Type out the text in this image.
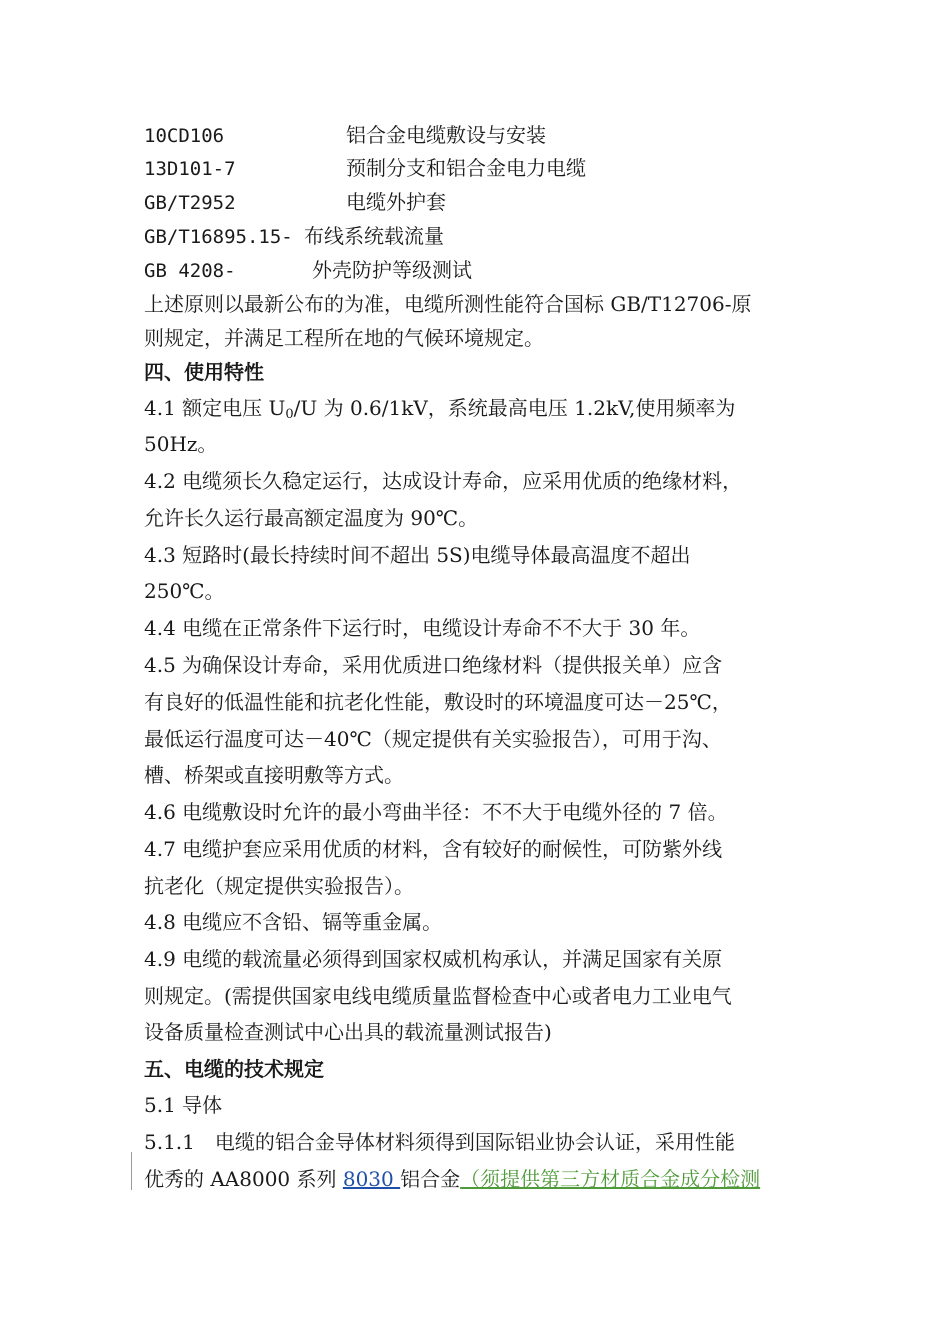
10CD106	铝合金电缆敷设与安装
13D101-7	预制分支和铝合金电力电缆
GB/T2952	电缆外护套
GB/T16895.15- 布线系统载流量
GB 4208-	外壳防护等级测试
上述原则以最新公布的为准，电缆所测性能符合国标 GB/T12706-原
则规定，并满足工程所在地的气候环境规定。
四、使用特性
4.1 额定电压 $U_0/U$ 为 0.6/1kV，系统最高电压 1.2kV,使用频率为
50Hz。
4.2 电缆须长久稳定运行，达成设计寿命，应采用优质的绝缘材料，
允许长久运行最高额定温度为 90℃。
4.3 短路时(最长持续时间不超出 5S)电缆导体最高温度不超出
250℃。
4.4 电缆在正常条件下运行时，电缆设计寿命不不大于 30 年。
4.5 为确保设计寿命，采用优质进口绝缘材料（提供报关单）应含
有良好的低温性能和抗老化性能，敷设时的环境温度可达－25℃，
最低运行温度可达－40℃（规定提供有关实验报告），可用于沟、
槽、桥架或直接明敷等方式。
4.6 电缆敷设时允许的最小弯曲半径：不不大于电缆外径的 7 倍。
4.7 电缆护套应采用优质的材料，含有较好的耐候性，可防紫外线
抗老化（规定提供实验报告）。
4.8 电缆应不含铅、镉等重金属。
4.9 电缆的载流量必须得到国家权威机构承认，并满足国家有关原
则规定。(需提供国家电线电缆质量监督检查中心或者电力工业电气
设备质量检查测试中心出具的载流量测试报告)
五、电缆的技术规定
5.1 导体
5.1.1　电缆的铝合金导体材料须得到国际铝业协会认证，采用性能
优秀的 AA8000 系列 8030 铝合金（须提供第三方材质合金成分检测
